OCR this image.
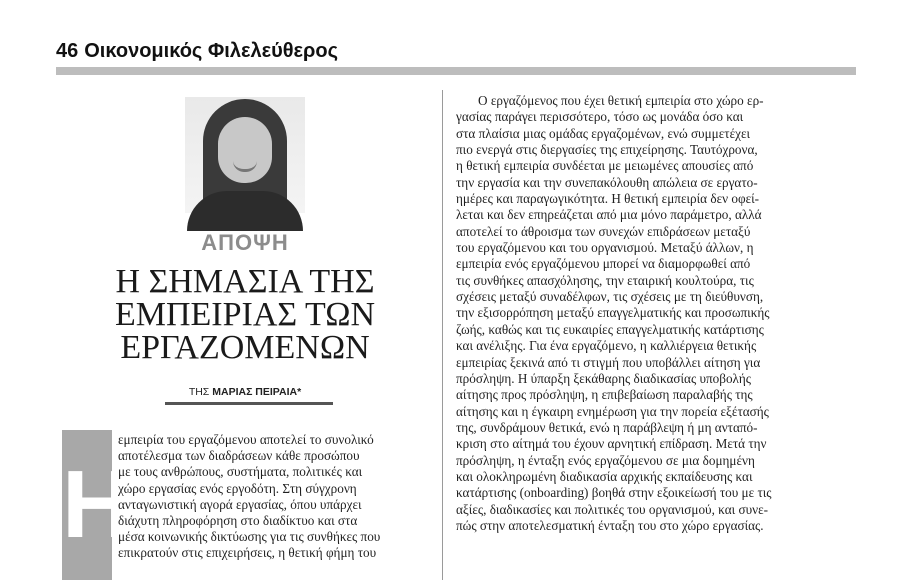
46 Οικονομικός Φιλελεύθερος
ΑΠΟΨΗ
Η ΣΗΜΑΣΙΑ ΤΗΣ
ΕΜΠΕΙΡΙΑΣ ΤΩΝ
ΕΡΓΑΖΟΜΕΝΩΝ
ΤΗΣ ΜΑΡΙΑΣ ΠΕΙΡΑΙΑ*
Η
εμπειρία του εργαζόμενου αποτελεί το συνολικό
αποτέλεσμα των διαδράσεων κάθε προσώπου
με τους ανθρώπους, συστήματα, πολιτικές και
χώρο εργασίας ενός εργοδότη. Στη σύγχρονη
ανταγωνιστική αγορά εργασίας, όπου υπάρχει
διάχυτη πληροφόρηση στο διαδίκτυο και στα
μέσα κοινωνικής δικτύωσης για τις συνθήκες που
επικρατούν στις επιχειρήσεις, η θετική φήμη του
Ο εργαζόμενος που έχει θετική εμπειρία στο χώρο ερ-
γασίας παράγει περισσότερο, τόσο ως μονάδα όσο και
στα πλαίσια μιας ομάδας εργαζομένων, ενώ συμμετέχει
πιο ενεργά στις διεργασίες της επιχείρησης. Ταυτόχρονα,
η θετική εμπειρία συνδέεται με μειωμένες απουσίες από
την εργασία και την συνεπακόλουθη απώλεια σε εργατο-
ημέρες και παραγωγικότητα. Η θετική εμπειρία δεν οφεί-
λεται και δεν επηρεάζεται από μια μόνο παράμετρο, αλλά
αποτελεί το άθροισμα των συνεχών επιδράσεων μεταξύ
του εργαζόμενου και του οργανισμού. Μεταξύ άλλων, η
εμπειρία ενός εργαζόμενου μπορεί να διαμορφωθεί από
τις συνθήκες απασχόλησης, την εταιρική κουλτούρα, τις
σχέσεις μεταξύ συναδέλφων, τις σχέσεις με τη διεύθυνση,
την εξισορρόπηση μεταξύ επαγγελματικής και προσωπικής
ζωής, καθώς και τις ευκαιρίες επαγγελματικής κατάρτισης
και ανέλιξης. Για ένα εργαζόμενο, η καλλιέργεια θετικής
εμπειρίας ξεκινά από τι στιγμή που υποβάλλει αίτηση για
πρόσληψη. Η ύπαρξη ξεκάθαρης διαδικασίας υποβολής
αίτησης προς πρόσληψη, η επιβεβαίωση παραλαβής της
αίτησης και η έγκαιρη ενημέρωση για την πορεία εξέτασής
της, συνδράμουν θετικά, ενώ η παράβλεψη ή μη ανταπό-
κριση στο αίτημά του έχουν αρνητική επίδραση. Μετά την
πρόσληψη, η ένταξη ενός εργαζόμενου σε μια δομημένη
και ολοκληρωμένη διαδικασία αρχικής εκπαίδευσης και
κατάρτισης (onboarding) βοηθά στην εξοικείωσή του με τις
αξίες, διαδικασίες και πολιτικές του οργανισμού, και συνε-
πώς στην αποτελεσματική ένταξη του στο χώρο εργασίας.
